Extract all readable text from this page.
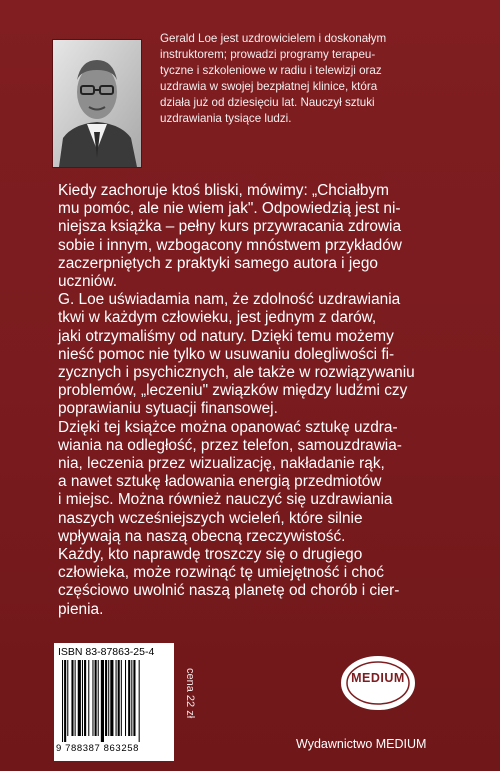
Gerald Loe jest uzdrowicielem i doskonałym

instruktorem; prowadzi programy terapeu-

tyczne i szkoleniowe w radiu i telewizji oraz

uzdrawia w swojej bezpłatnej klinice, która

działa już od dziesięciu lat. Nauczył sztuki

uzdrawiania tysiące ludzi.

Kiedy zachoruje ktoś bliski, mówimy: „Chciałbym

mu pomóc, ale nie wiem jak". Odpowiedzią jest ni-

niejsza książka – pełny kurs przywracania zdrowia

sobie i innym, wzbogacony mnóstwem przykładów

zaczerpniętych z praktyki samego autora i jego

uczniów.

G. Loe uświadamia nam, że zdolność uzdrawiania

tkwi w każdym człowieku, jest jednym z darów,

jaki otrzymaliśmy od natury. Dzięki temu możemy

nieść pomoc nie tylko w usuwaniu dolegliwości fi-

zycznych i psychicznych, ale także w rozwiązywaniu

problemów, „leczeniu" związków między ludźmi czy

poprawianiu sytuacji finansowej.

Dzięki tej książce można opanować sztukę uzdra-

wiania na odległość, przez telefon, samouzdrawia-

nia, leczenia przez wizualizację, nakładanie rąk,

a nawet sztukę ładowania energią przedmiotów

i miejsc. Można również nauczyć się uzdrawiania

naszych wcześniejszych wcieleń, które silnie

wpływają na naszą obecną rzeczywistość.

Każdy, kto naprawdę troszczy się o drugiego

człowieka, może rozwinąć tę umiejętność i choć

częściowo uwolnić naszą planetę od chorób i cier-

pienia.

ISBN 83-87863-25-4
9 788387 863258
cena 22 zł	MEDIUM
Wydawnictwo MEDIUM
